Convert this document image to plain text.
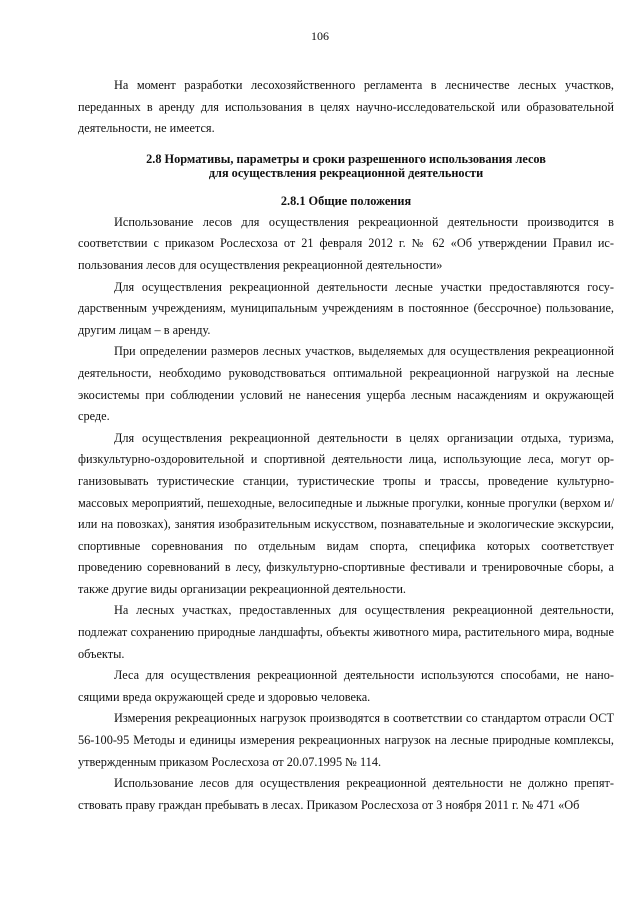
106

На момент разработки лесохозяйственного регламента в лесничестве лесных участков, переданных в аренду для использования в целях научно-исследовательской или образовательной деятельности, не имеется.

2.8 Нормативы, параметры и сроки разрешенного использования лесов

для осуществления рекреационной деятельности

2.8.1 Общие положения

Использование лесов для осуществления рекреационной деятельности производится в соответствии с приказом Рослесхоза от 21 февраля 2012 г. № 62 «Об утверждении Правил использования лесов для осуществления рекреационной деятельности»

Для осуществления рекреационной деятельности лесные участки предоставляются государственным учреждениям, муниципальным учреждениям в постоянное (бессрочное) пользование, другим лицам – в аренду.

При определении размеров лесных участков, выделяемых для осуществления рекреационной деятельности, необходимо руководствоваться оптимальной рекреационной нагрузкой на лесные экосистемы при соблюдении условий не нанесения ущерба лесным насаждениям и окружающей среде.

Для осуществления рекреационной деятельности в целях организации отдыха, туризма, физкультурно-оздоровительной и спортивной деятельности лица, использующие леса, могут организовывать туристические станции, туристические тропы и трассы, проведение культурно-массовых мероприятий, пешеходные, велосипедные и лыжные прогулки, конные прогулки (верхом и/или на повозках), занятия изобразительным искусством, познавательные и экологические экскурсии, спортивные соревнования по отдельным видам спорта, специфика которых соответствует проведению соревнований в лесу, физкультурно-спортивные фестивали и тренировочные сборы, а также другие виды организации рекреационной деятельности.

На лесных участках, предоставленных для осуществления рекреационной деятельности, подлежат сохранению природные ландшафты, объекты животного мира, растительного мира, водные объекты.

Леса для осуществления рекреационной деятельности используются способами, не наносящими вреда окружающей среде и здоровью человека.

Измерения рекреационных нагрузок производятся в соответствии со стандартом отрасли ОСТ 56-100-95 Методы и единицы измерения рекреационных нагрузок на лесные природные комплексы, утвержденным приказом Рослесхоза от 20.07.1995 № 114.

Использование лесов для осуществления рекреационной деятельности не должно препятствовать праву граждан пребывать в лесах. Приказом Рослесхоза от 3 ноября 2011 г. № 471 «Об
